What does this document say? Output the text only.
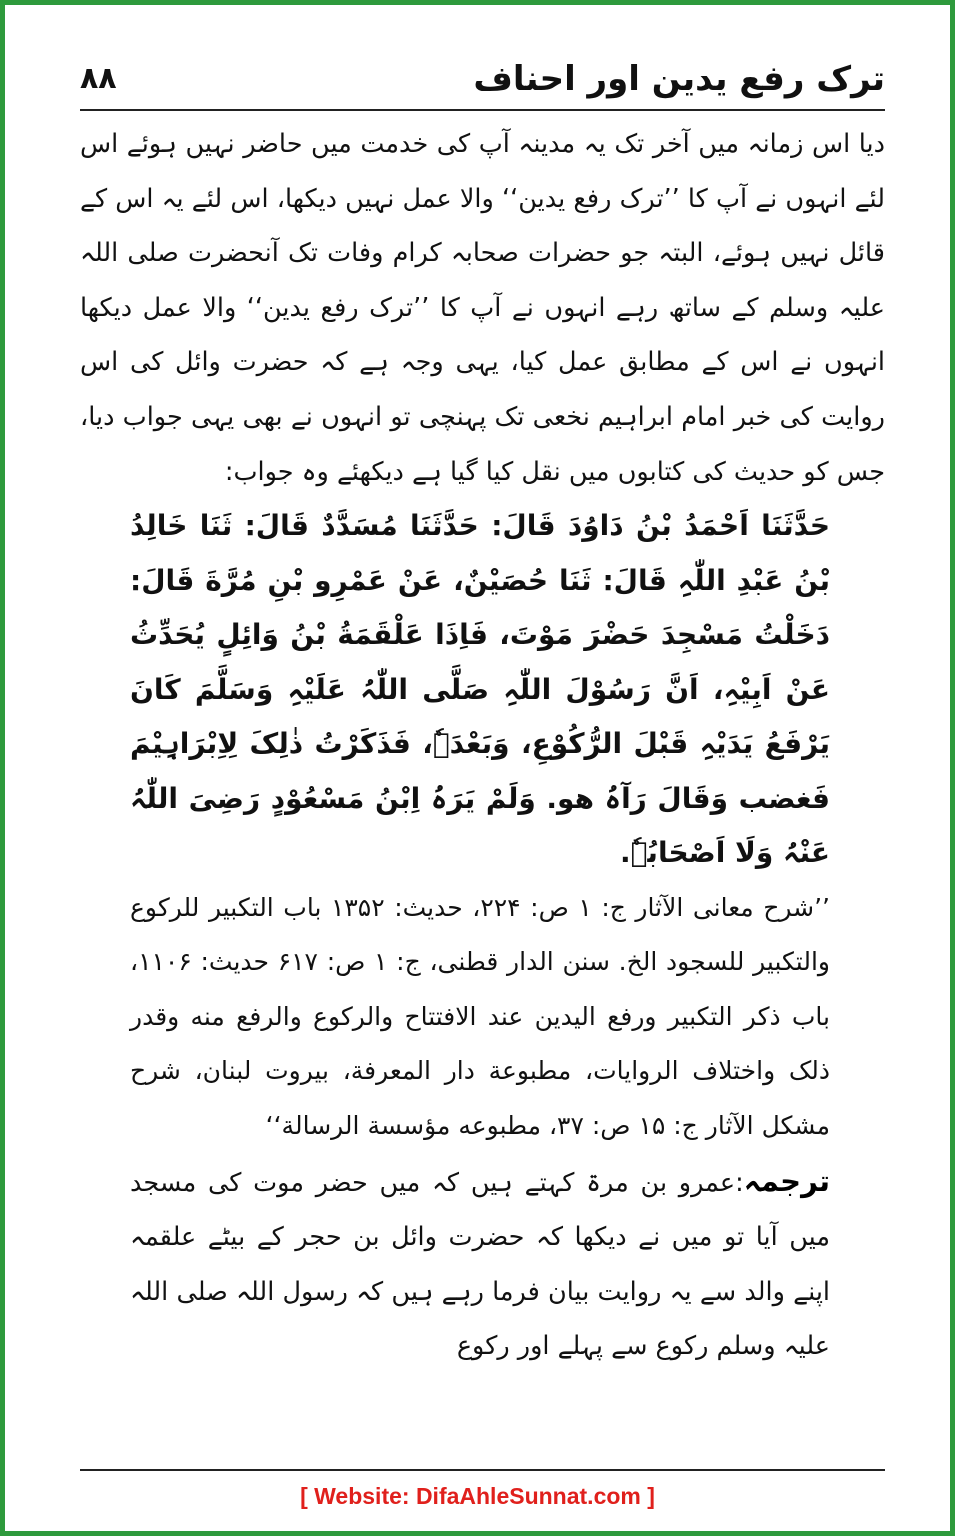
ترک رفع یدین اور احناف
۸۸

دیا اس زمانہ میں آخر تک یہ مدینہ آپ کی خدمت میں حاضر نہیں ہوئے اس لئے انہوں نے آپ کا ’’ترک رفع یدین‘‘ والا عمل نہیں دیکھا، اس لئے یہ اس کے قائل نہیں ہوئے، البتہ جو حضرات صحابہ کرام وفات تک آنحضرت صلی اللہ علیہ وسلم کے ساتھ رہے انہوں نے آپ کا ’’ترک رفع یدین‘‘ والا عمل دیکھا انہوں نے اس کے مطابق عمل کیا، یہی وجہ ہے کہ حضرت وائل کی اس روایت کی خبر امام ابراہیم نخعی تک پہنچی تو انہوں نے بھی یہی جواب دیا، جس کو حدیث کی کتابوں میں نقل کیا گیا ہے دیکھئے وہ جواب:

حَدَّثَنَا اَحْمَدُ بْنُ دَاوُدَ قَالَ: حَدَّثَنَا مُسَدَّدٌ قَالَ: ثَنَا خَالِدُ بْنُ عَبْدِ اللّٰہِ قَالَ: ثَنَا حُصَیْنٌ، عَنْ عَمْرِو بْنِ مُرَّةَ قَالَ: دَخَلْتُ مَسْجِدَ حَضْرَ مَوْتَ، فَاِذَا عَلْقَمَةُ بْنُ وَائِلٍ یُحَدِّثُ عَنْ اَبِیْہِ، اَنَّ رَسُوْلَ اللّٰہِ صَلَّی اللّٰہُ عَلَیْہِ وَسَلَّمَ کَانَ یَرْفَعُ یَدَیْہِ قَبْلَ الرُّکُوْعِ، وَبَعْدَہٗ، فَذَکَرْتُ ذٰلِکَ لِاِبْرَاہِیْمَ فَغضب وَقَالَ رَآہُ ھو. وَلَمْ یَرَہُ اِبْنُ مَسْعُوْدٍ رَضِیَ اللّٰہُ عَنْہُ وَلَا اَصْحَابُہٗ.

’’شرح معانی الآثار ج: ۱ ص: ۲۲۴، حدیث: ۱۳۵۲ باب التکبیر للرکوع والتکبیر للسجود الخ. سنن الدار قطنی، ج: ۱ ص: ۶۱۷ حدیث: ۱۱۰۶، باب ذکر التکبیر ورفع الیدین عند الافتتاح والرکوع والرفع منه وقدر ذلک واختلاف الروایات، مطبوعة دار المعرفة، بیروت لبنان، شرح مشکل الآثار ج: ۱۵ ص: ۳۷، مطبوعه مؤسسة الرسالة‘‘

ترجمہ:عمرو بن مرۃ کہتے ہیں کہ میں حضر موت کی مسجد میں آیا تو میں نے دیکھا کہ حضرت وائل بن حجر کے بیٹے علقمہ اپنے والد سے یہ روایت بیان فرما رہے ہیں کہ رسول اللہ صلی اللہ علیہ وسلم رکوع سے پہلے اور رکوع

[ Website: DifaAhleSunnat.com ]
